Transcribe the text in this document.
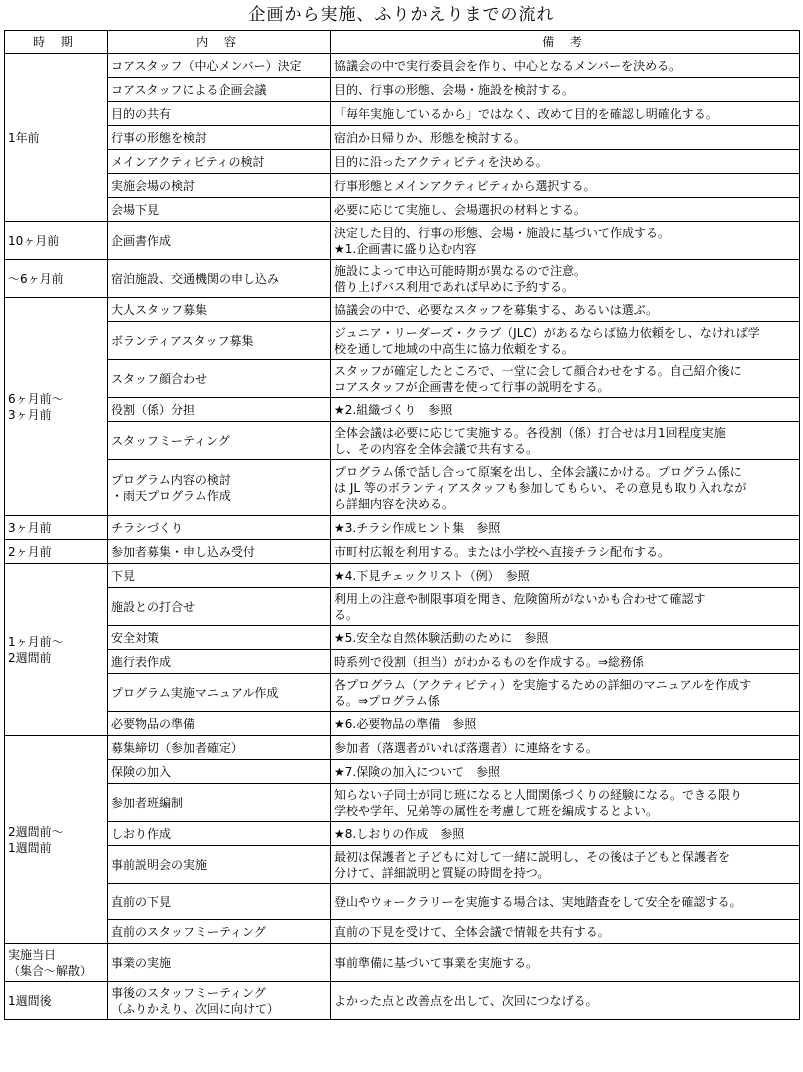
企画から実施、ふりかえりまでの流れ
時 期	内 容	備 考
1年前	コアスタッフ（中心メンバー）決定	協議会の中で実行委員会を作り、中心となるメンバーを決める。
	コアスタッフによる企画会議	目的、行事の形態、会場・施設を検討する。
	目的の共有	「毎年実施しているから」ではなく、改めて目的を確認し明確化する。
	行事の形態を検討	宿泊か日帰りか、形態を検討する。
	メインアクティビティの検討	目的に沿ったアクティビティを決める。
	実施会場の検討	行事形態とメインアクティビティから選択する。
	会場下見	必要に応じて実施し、会場選択の材料とする。
10ヶ月前	企画書作成	決定した目的、行事の形態、会場・施設に基づいて作成する。
★1.企画書に盛り込む内容
～6ヶ月前	宿泊施設、交通機関の申し込み	施設によって申込可能時期が異なるので注意。
借り上げバス利用であれば早めに予約する。
6ヶ月前～
3ヶ月前	大人スタッフ募集	協議会の中で、必要なスタッフを募集する、あるいは選ぶ。
	ボランティアスタッフ募集	ジュニア・リーダーズ・クラブ（JLC）があるならば協力依頼をし、なければ学
校を通して地域の中高生に協力依頼をする。
	スタッフ顔合わせ	スタッフが確定したところで、一堂に会して顔合わせをする。自己紹介後に
コアスタッフが企画書を使って行事の説明をする。
	役割（係）分担	★2.組織づくり　参照
	スタッフミーティング	全体会議は必要に応じて実施する。各役割（係）打合せは月1回程度実施
し、その内容を全体会議で共有する。
	プログラム内容の検討
・雨天プログラム作成	プログラム係で話し合って原案を出し、全体会議にかける。プログラム係に
は JL 等のボランティアスタッフも参加してもらい、その意見も取り入れなが
ら詳細内容を決める。
3ヶ月前	チラシづくり	★3.チラシ作成ヒント集　参照
2ヶ月前	参加者募集・申し込み受付	市町村広報を利用する。または小学校へ直接チラシ配布する。
1ヶ月前～
2週間前	下見	★4.下見チェックリスト（例）　参照
	施設との打合せ	利用上の注意や制限事項を聞き、危険箇所がないかも合わせて確認す
る。
	安全対策	★5.安全な自然体験活動のために　参照
	進行表作成	時系列で役割（担当）がわかるものを作成する。⇒総務係
	プログラム実施マニュアル作成	各プログラム（アクティビティ）を実施するための詳細のマニュアルを作成す
る。⇒プログラム係
	必要物品の準備	★6.必要物品の準備　参照
2週間前～
1週間前	募集締切（参加者確定）	参加者（落選者がいれば落選者）に連絡をする。
	保険の加入	★7.保険の加入について　参照
	参加者班編制	知らない子同士が同じ班になると人間関係づくりの経験になる。できる限り
学校や学年、兄弟等の属性を考慮して班を編成するとよい。
	しおり作成	★8.しおりの作成　参照
	事前説明会の実施	最初は保護者と子どもに対して一緒に説明し、その後は子どもと保護者を
分けて、詳細説明と質疑の時間を持つ。
	直前の下見	登山やウォークラリーを実施する場合は、実地踏査をして安全を確認する。
	直前のスタッフミーティング	直前の下見を受けて、全体会議で情報を共有する。
実施当日
（集合～解散）	事業の実施	事前準備に基づいて事業を実施する。
1週間後	事後のスタッフミーティング
（ふりかえり、次回に向けて）	よかった点と改善点を出して、次回につなげる。
